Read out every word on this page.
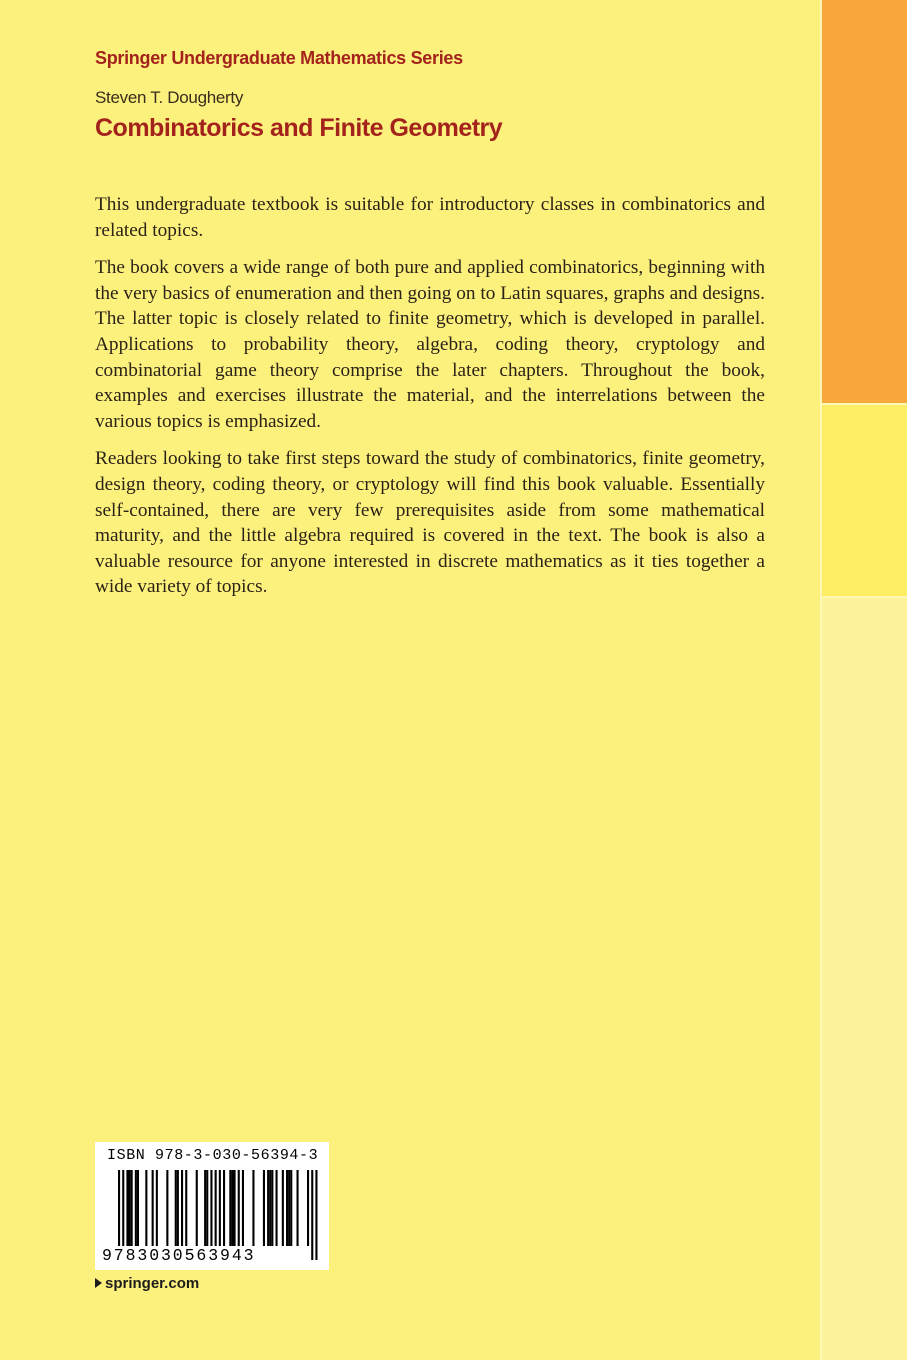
Springer Undergraduate Mathematics Series
Steven T. Dougherty
Combinatorics and Finite Geometry

This undergraduate textbook is suitable for introductory classes in combinatorics and related topics.

The book covers a wide range of both pure and applied combinatorics, beginning with the very basics of enumeration and then going on to Latin squares, graphs and designs. The latter topic is closely related to finite geometry, which is developed in parallel. Applications to probability theory, algebra, coding theory, cryptology and combinatorial game theory comprise the later chapters. Throughout the book, examples and exercises illustrate the material, and the interrelations between the various topics is emphasized.

Readers looking to take first steps toward the study of combinatorics, finite geometry, design theory, coding theory, or cryptology will find this book valuable. Essentially self-contained, there are very few prerequisites aside from some mathematical maturity, and the little algebra required is covered in the text. The book is also a valuable resource for anyone interested in discrete mathematics as it ties together a wide variety of topics.

ISBN 978-3-030-56394-3
9783030563943
springer.com
